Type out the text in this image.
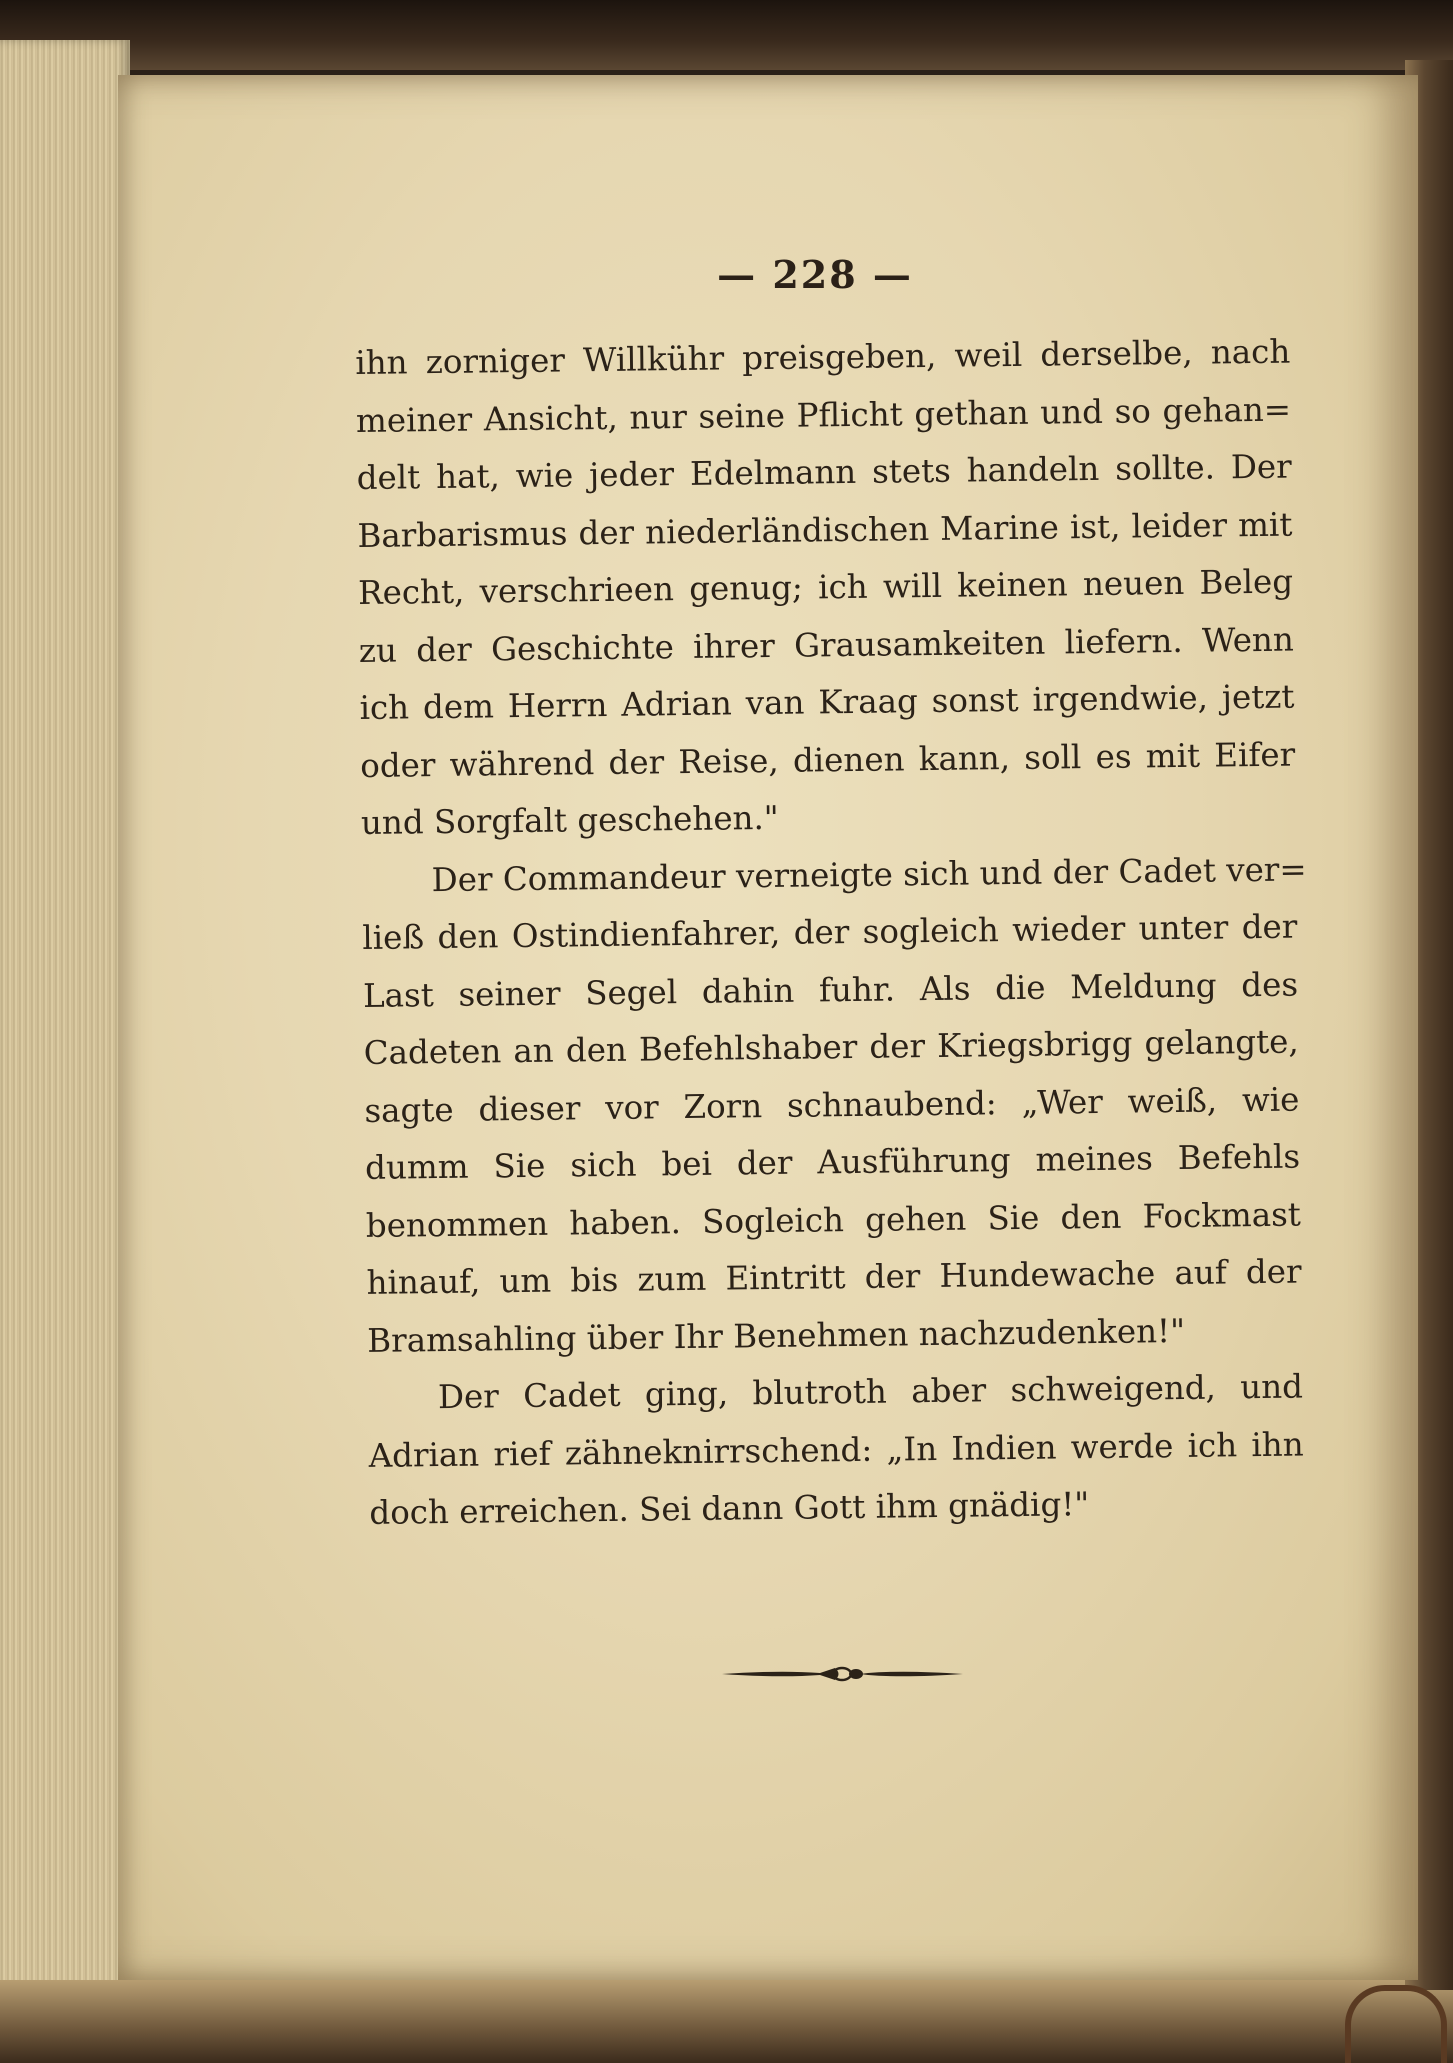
— 228 —
ihn zorniger Willkühr preisgeben, weil derselbe, nach
meiner Ansicht, nur seine Pflicht gethan und so gehan=
delt hat, wie jeder Edelmann stets handeln sollte. Der
Barbarismus der niederländischen Marine ist, leider mit
Recht, verschrieen genug; ich will keinen neuen Beleg
zu der Geschichte ihrer Grausamkeiten liefern. Wenn
ich dem Herrn Adrian van Kraag sonst irgendwie, jetzt
oder während der Reise, dienen kann, soll es mit Eifer
und Sorgfalt geschehen."
Der Commandeur verneigte sich und der Cadet ver=
ließ den Ostindienfahrer, der sogleich wieder unter der
Last seiner Segel dahin fuhr. Als die Meldung des
Cadeten an den Befehlshaber der Kriegsbrigg gelangte,
sagte dieser vor Zorn schnaubend: „Wer weiß, wie
dumm Sie sich bei der Ausführung meines Befehls
benommen haben. Sogleich gehen Sie den Fockmast
hinauf, um bis zum Eintritt der Hundewache auf der
Bramsahling über Ihr Benehmen nachzudenken!"
Der Cadet ging, blutroth aber schweigend, und
Adrian rief zähneknirrschend: „In Indien werde ich ihn
doch erreichen. Sei dann Gott ihm gnädig!"
